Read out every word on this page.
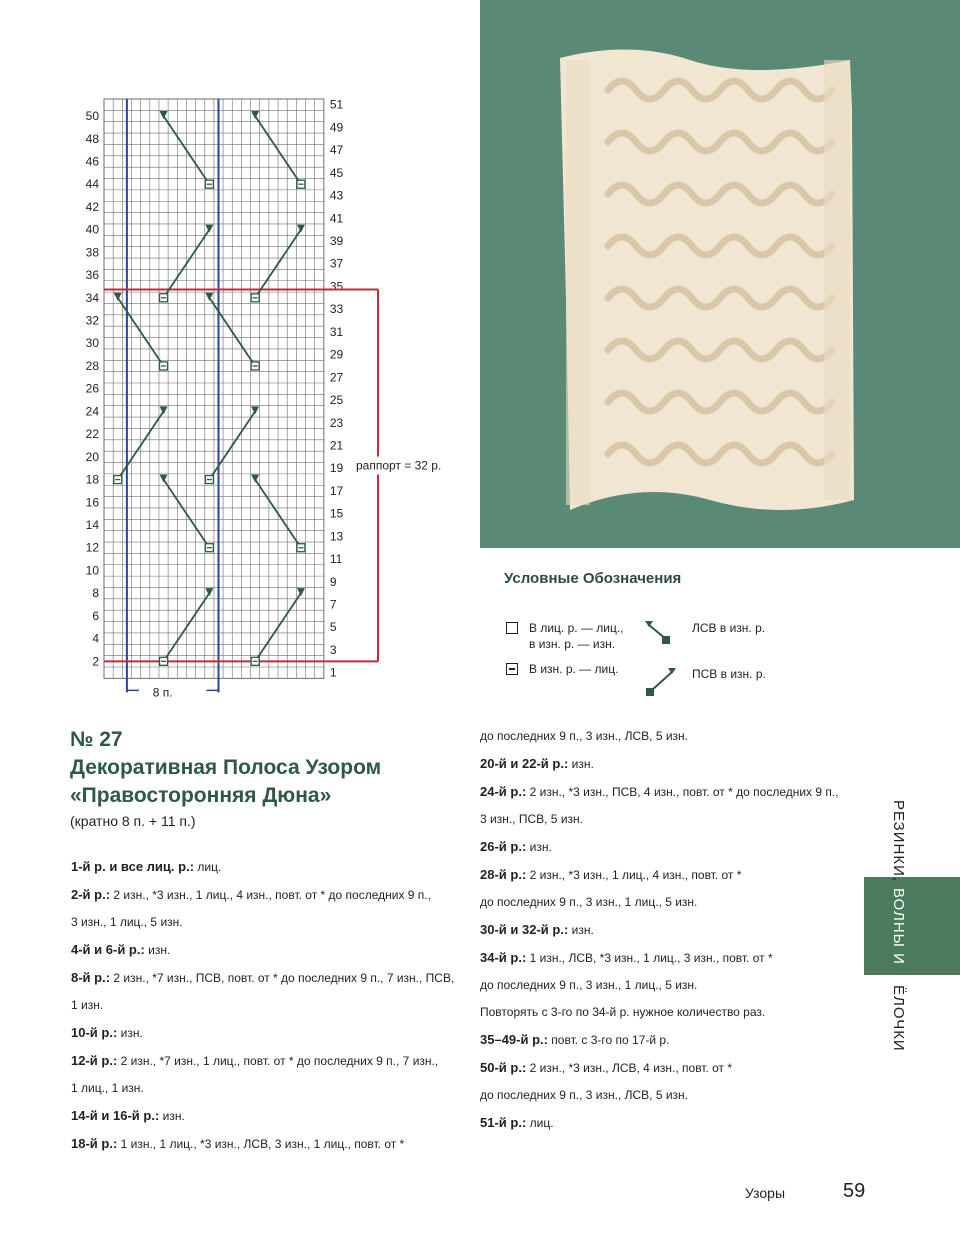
50
48
46
44
42
40
38
36
34
32
30
28
26
24
22
20
18
16
14
12
10
8
6
4
2
51
49
47
45
43
41
39
37
35
33
31
29
27
25
23
21
19
17
15
13
11
9
7
5
3
1
8 п.
раппорт = 32 р.
Условные Обозначения
В лиц. р. — лиц.,
в изн. р. — изн.
В изн. р. — лиц.
ЛСВ в изн. р.
ПСВ в изн. р.
№ 27
Декоративная Полоса Узором
«Правосторонняя Дюна»
(кратно 8 п. + 11 п.)

1-й р. и все лиц. р.: лиц.

2-й р.: 2 изн., *3 изн., 1 лиц., 4 изн., повт. от * до последних 9 п.,

3 изн., 1 лиц., 5 изн.

4-й и 6-й р.: изн.

8-й р.: 2 изн., *7 изн., ПСВ, повт. от * до последних 9 п., 7 изн., ПСВ,

1 изн.

10-й р.: изн.

12-й р.: 2 изн., *7 изн., 1 лиц., повт. от * до последних 9 п., 7 изн.,

1 лиц., 1 изн.

14-й и 16-й р.: изн.

18-й р.: 1 изн., 1 лиц., *3 изн., ЛСВ, 3 изн., 1 лиц., повт. от *

до последних 9 п., 3 изн., ЛСВ, 5 изн.

20-й и 22-й р.: изн.

24-й р.: 2 изн., *3 изн., ПСВ, 4 изн., повт. от * до последних 9 п.,

3 изн., ПСВ, 5 изн.

26-й р.: изн.

28-й р.: 2 изн., *3 изн., 1 лиц., 4 изн., повт. от *

до последних 9 п., 3 изн., 1 лиц., 5 изн.

30-й и 32-й р.: изн.

34-й р.: 1 изн., ЛСВ, *3 изн., 1 лиц., 3 изн., повт. от *

до последних 9 п., 3 изн., 1 лиц., 5 изн.

Повторять с 3-го по 34-й р. нужное количество раз.

35–49-й р.: повт. с 3-го по 17-й р.

50-й р.: 2 изн., *3 изн., ЛСВ, 4 изн., повт. от *

до последних 9 п., 3 изн., ЛСВ, 5 изн.

51-й р.: лиц.

РЕЗИНКИ,
ВОЛНЫ И
ЁЛОЧКИ
Узоры	59
